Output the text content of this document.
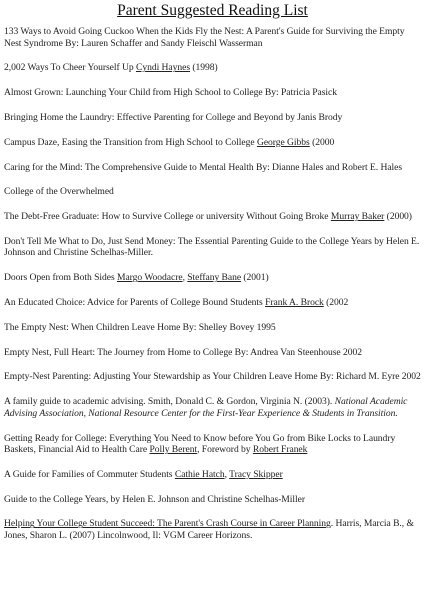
Parent Suggested Reading List

133 Ways to Avoid Going Cuckoo When the Kids Fly the Nest: A Parent's Guide for Surviving the Empty Nest Syndrome By: Lauren Schaffer and Sandy Fleischl Wasserman

2,002 Ways To Cheer Yourself Up Cyndi Haynes (1998)

Almost Grown: Launching Your Child from High School to College By: Patricia Pasick

Bringing Home the Laundry: Effective Parenting for College and Beyond by Janis Brody

Campus Daze, Easing the Transition from High School to College George Gibbs (2000

Caring for the Mind: The Comprehensive Guide to Mental Health By: Dianne Hales and Robert E. Hales

College of the Overwhelmed

The Debt-Free Graduate: How to Survive College or university Without Going Broke Murray Baker (2000)

Don't Tell Me What to Do, Just Send Money: The Essential Parenting Guide to the College Years by Helen E. Johnson and Christine Schelhas-Miller.

Doors Open from Both Sides Margo Woodacre, Steffany Bane (2001)

An Educated Choice: Advice for Parents of College Bound Students Frank A. Brock (2002

The Empty Nest: When Children Leave Home By: Shelley Bovey 1995

Empty Nest, Full Heart: The Journey from Home to College By: Andrea Van Steenhouse 2002

Empty-Nest Parenting: Adjusting Your Stewardship as Your Children Leave Home By: Richard M. Eyre 2002

A family guide to academic advising. Smith, Donald C. & Gordon, Virginia N. (2003). National Academic Advising Association, National Resource Center for the First-Year Experience & Students in Transition.

Getting Ready for College: Everything You Need to Know before You Go from Bike Locks to Laundry Baskets, Financial Aid to Health Care Polly Berent, Foreword by Robert Franek

A Guide for Families of Commuter Students Cathie Hatch, Tracy Skipper

Guide to the College Years, by Helen E. Johnson and Christine Schelhas-Miller

Helping Your College Student Succeed: The Parent's Crash Course in Career Planning. Harris, Marcia B., & Jones, Sharon L. (2007) Lincolnwood, Il: VGM Career Horizons.
